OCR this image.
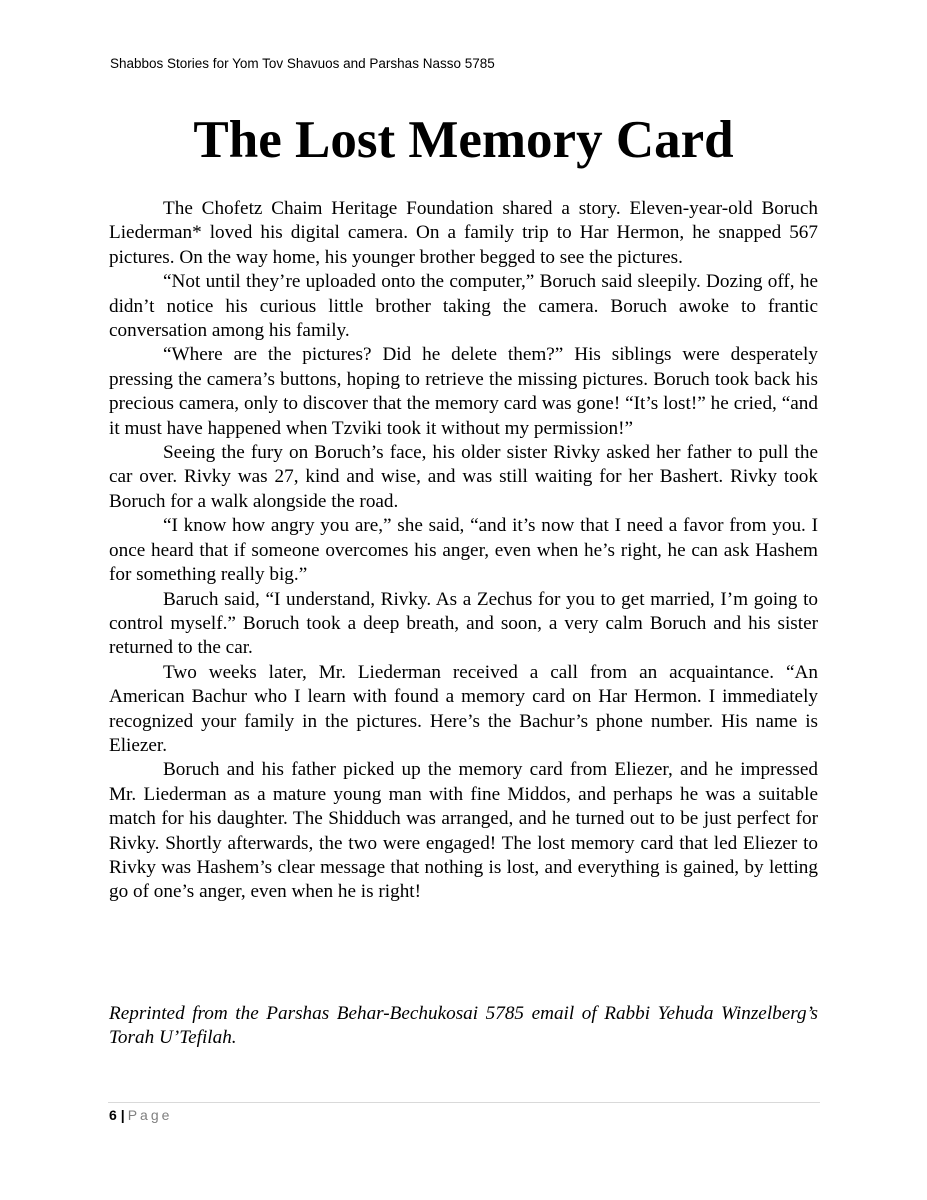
Shabbos Stories for Yom Tov Shavuos and Parshas Nasso 5785
The Lost Memory Card

The Chofetz Chaim Heritage Foundation shared a story. Eleven-year-old Boruch Liederman* loved his digital camera. On a family trip to Har Hermon, he snapped 567 pictures. On the way home, his younger brother begged to see the pictures.

“Not until they’re uploaded onto the computer,” Boruch said sleepily. Dozing off, he didn’t notice his curious little brother taking the camera. Boruch awoke to frantic conversation among his family.

“Where are the pictures? Did he delete them?” His siblings were desperately pressing the camera’s buttons, hoping to retrieve the missing pictures. Boruch took back his precious camera, only to discover that the memory card was gone! “It’s lost!” he cried, “and it must have happened when Tzviki took it without my permission!”

Seeing the fury on Boruch’s face, his older sister Rivky asked her father to pull the car over. Rivky was 27, kind and wise, and was still waiting for her Bashert. Rivky took Boruch for a walk alongside the road.

“I know how angry you are,” she said, “and it’s now that I need a favor from you. I once heard that if someone overcomes his anger, even when he’s right, he can ask Hashem for something really big.”

Baruch said, “I understand, Rivky. As a Zechus for you to get married, I’m going to control myself.” Boruch took a deep breath, and soon, a very calm Boruch and his sister returned to the car.

Two weeks later, Mr. Liederman received a call from an acquaintance. “An American Bachur who I learn with found a memory card on Har Hermon. I immediately recognized your family in the pictures. Here’s the Bachur’s phone number. His name is Eliezer.

Boruch and his father picked up the memory card from Eliezer, and he impressed Mr. Liederman as a mature young man with fine Middos, and perhaps he was a suitable match for his daughter. The Shidduch was arranged, and he turned out to be just perfect for Rivky. Shortly afterwards, the two were engaged! The lost memory card that led Eliezer to Rivky was Hashem’s clear message that nothing is lost, and everything is gained, by letting go of one’s anger, even when he is right!

Reprinted from the Parshas Behar-Bechukosai 5785 email of Rabbi Yehuda Winzelberg’s Torah U’Tefilah.

6 | Page
